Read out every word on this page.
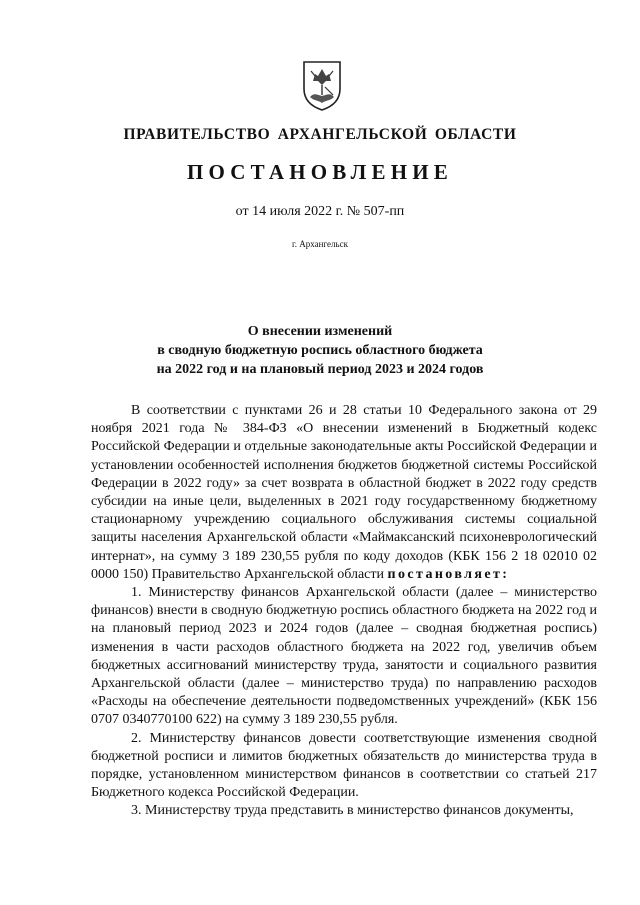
ПРАВИТЕЛЬСТВО АРХАНГЕЛЬСКОЙ ОБЛАСТИ
ПОСТАНОВЛЕНИЕ
от 14 июля 2022 г. № 507-пп
г. Архангельск
О внесении изменений
в сводную бюджетную роспись областного бюджета
на 2022 год и на плановый период 2023 и 2024 годов

В соответствии с пунктами 26 и 28 статьи 10 Федерального закона от 29 ноября 2021 года № 384-ФЗ «О внесении изменений в Бюджетный кодекс Российской Федерации и отдельные законодательные акты Российской Федерации и установлении особенностей исполнения бюджетов бюджетной системы Российской Федерации в 2022 году» за счет возврата в областной бюджет в 2022 году средств субсидии на иные цели, выделенных в 2021 году государственному бюджетному стационарному учреждению социального обслуживания системы социальной защиты населения Архангельской области «Маймаксанский психоневрологический интернат», на сумму 3 189 230,55 рубля по коду доходов (КБК 156 2 18 02010 02 0000 150) Правительство Архангельской области постановляет:

1. Министерству финансов Архангельской области (далее – министерство финансов) внести в сводную бюджетную роспись областного бюджета на 2022 год и на плановый период 2023 и 2024 годов (далее – сводная бюджетная роспись) изменения в части расходов областного бюджета на 2022 год, увеличив объем бюджетных ассигнований министерству труда, занятости и социального развития Архангельской области (далее – министерство труда) по направлению расходов «Расходы на обеспечение деятельности подведомственных учреждений» (КБК 156 0707 0340770100 622) на сумму 3 189 230,55 рубля.

2. Министерству финансов довести соответствующие изменения сводной бюджетной росписи и лимитов бюджетных обязательств до министерства труда в порядке, установленном министерством финансов в соответствии со статьей 217 Бюджетного кодекса Российской Федерации.

3. Министерству труда представить в министерство финансов документы,
